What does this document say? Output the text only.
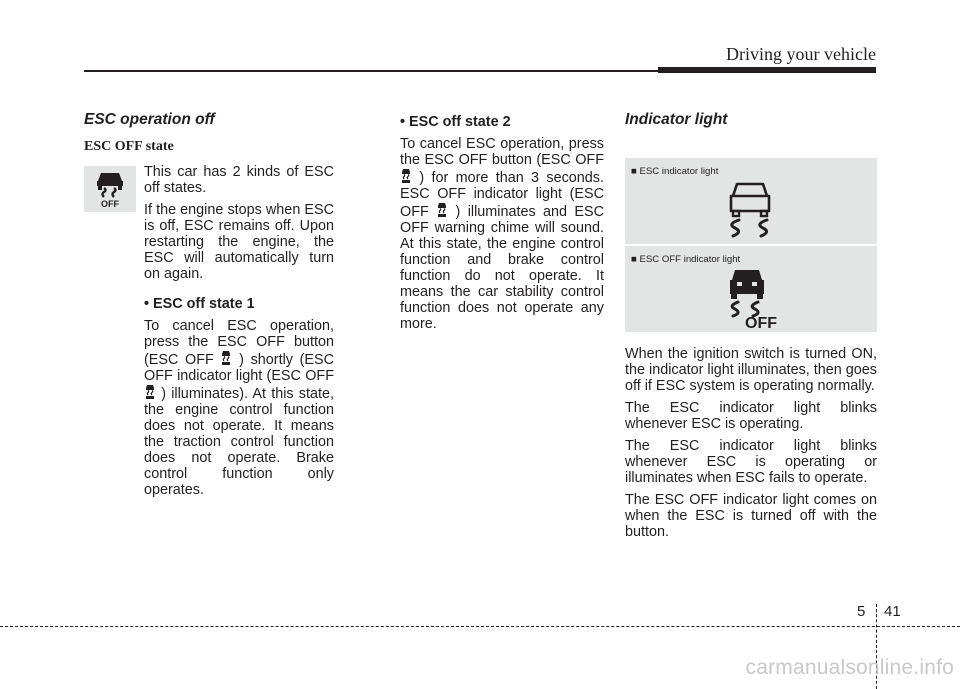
Driving your vehicle
ESC operation off
ESC OFF state
OFF

This car has 2 kinds of ESC off states.

If the engine stops when ESC is off, ESC remains off. Upon restarting the engine, the ESC will automatically turn on again.

• ESC off state 1

To cancel ESC operation, press the ESC OFF button (ESC OFF ) shortly (ESC OFF indicator light (ESC OFF  ) illuminates). At this state, the engine control function does not operate. It means the traction control function does not operate. Brake control function only operates.

• ESC off state 2

To cancel ESC operation, press the ESC OFF button (ESC OFF  ) for more than 3 seconds. ESC OFF indicator light (ESC OFF ) illuminates and ESC OFF warning chime will sound. At this state, the engine control function and brake control function do not operate. It means the car stability control function does not operate any more.

Indicator light
■ ESC indicator light
■ ESC OFF indicator light
OFF

When the ignition switch is turned ON, the indicator light illuminates, then goes off if ESC system is operating normally.

The ESC indicator light blinks whenever ESC is operating.

The ESC indicator light blinks whenever ESC is operating or illuminates when ESC fails to operate.

The ESC OFF indicator light comes on when the ESC is turned off with the button.

5 41
carmanualsonline.info
